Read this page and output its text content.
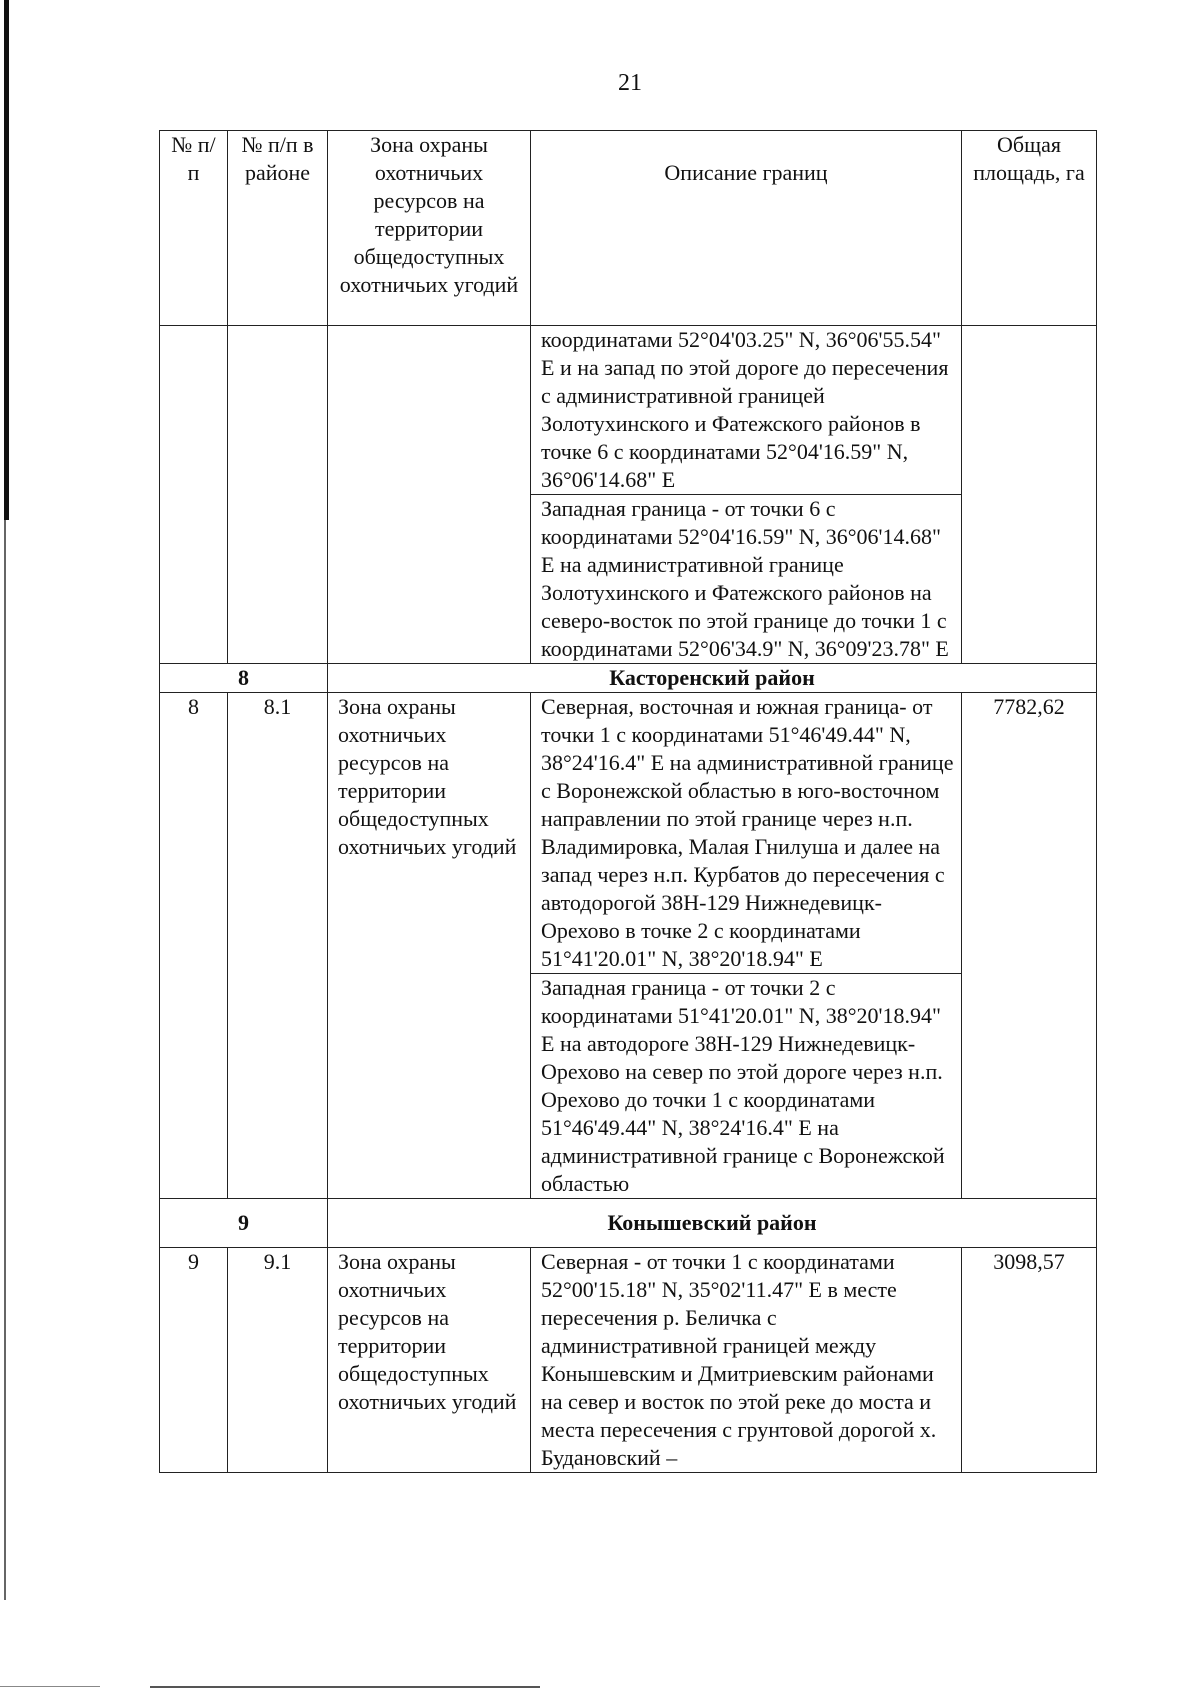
21
№ п/п	№ п/п в районе	Зона охраны охотничьих ресурсов на территории общедоступных охотничьих угодий	Описание границ	Общая площадь, га
			координатами 52°04'03.25" N, 36°06'55.54" E и на запад по этой дороге до пересечения с административной границей Золотухинского и Фатежского районов в точке 6 с координатами 52°04'16.59" N, 36°06'14.68" E	
			Западная граница - от точки 6 с координатами 52°04'16.59" N, 36°06'14.68" E на административной границе Золотухинского и Фатежского районов на северо-восток по этой границе до точки 1 с координатами 52°06'34.9" N, 36°09'23.78" E	
8		Касторенский район		
8	8.1	Зона охраны охотничьих ресурсов на территории общедоступных охотничьих угодий	Северная, восточная и южная граница- от точки 1 с координатами 51°46'49.44" N, 38°24'16.4" E на административной границе с Воронежской областью в юго-восточном направлении по этой границе через н.п. Владимировка, Малая Гнилуша и далее на запад через н.п. Курбатов до пересечения с автодорогой 38Н-129 Нижнедевицк-Орехово в точке 2 с координатами 51°41'20.01" N, 38°20'18.94" E	7782,62
			Западная граница - от точки 2 с координатами 51°41'20.01" N, 38°20'18.94" E на автодороге 38Н-129 Нижнедевицк-Орехово на север по этой дороге через н.п. Орехово до точки 1 с координатами 51°46'49.44" N, 38°24'16.4" E на административной границе с Воронежской областью	
9		Конышевский район		
9	9.1	Зона охраны охотничьих ресурсов на территории общедоступных охотничьих угодий	Северная - от точки 1 с координатами 52°00'15.18" N, 35°02'11.47" E в месте пересечения р. Беличка с административной границей между Конышевским и Дмитриевским районами на север и восток по этой реке до моста и места пересечения с грунтовой дорогой х. Будановский –	3098,57
